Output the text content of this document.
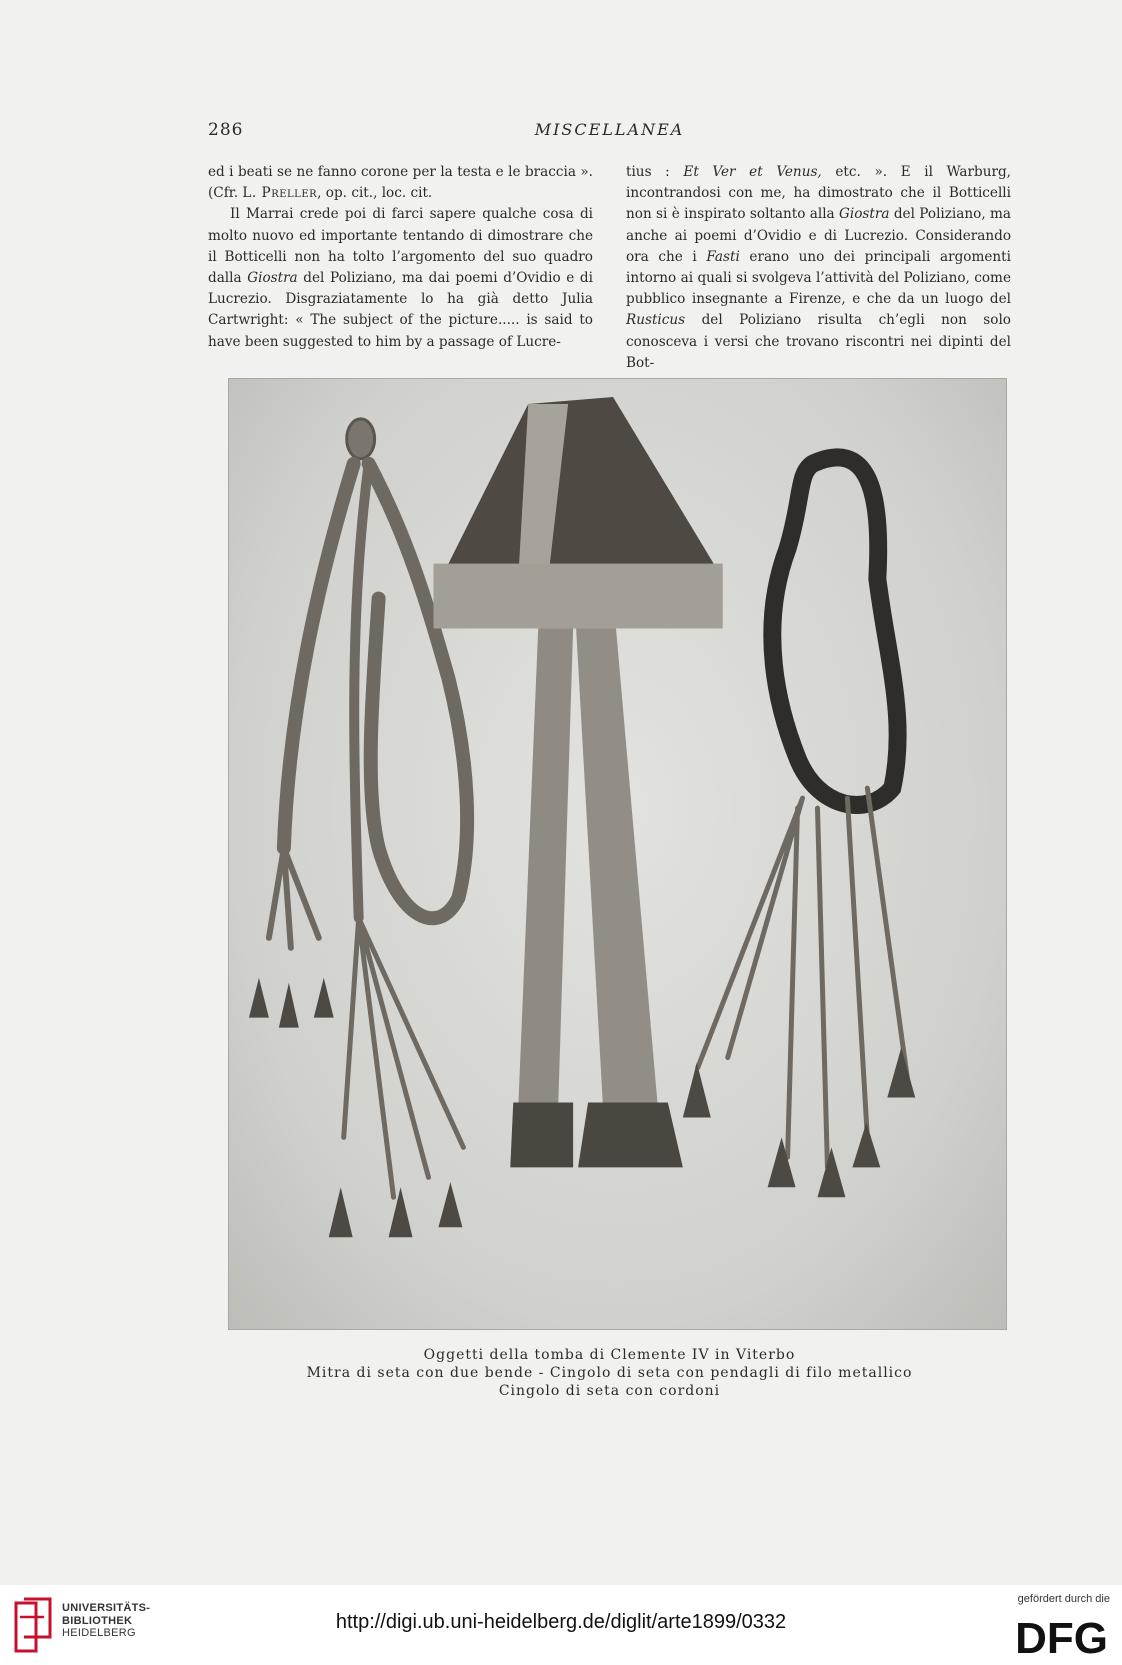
286	MISCELLANEA

ed i beati se ne fanno corone per la testa e le braccia ». (Cfr. L. Preller, op. cit., loc. cit.

Il Marrai crede poi di farci sapere qualche cosa di molto nuovo ed importante tentando di dimostrare che il Botticelli non ha tolto l’argomento del suo quadro dalla Giostra del Poliziano, ma dai poemi d’Ovidio e di Lucrezio. Disgraziatamente lo ha già detto Julia Cartwright: « The subject of the picture..... is said to have been suggested to him by a passage of Lucre-

tius : Et Ver et Venus, etc. ». E il Warburg, incontrandosi con me, ha dimostrato che il Botticelli non si è inspirato soltanto alla Giostra del Poliziano, ma anche ai poemi d’Ovidio e di Lucrezio. Considerando ora che i Fasti erano uno dei principali argomenti intorno ai quali si svolgeva l’attività del Poliziano, come pubblico insegnante a Firenze, e che da un luogo del Rusticus del Poliziano risulta ch’egli non solo conosceva i versi che trovano riscontri nei dipinti del Bot-

Oggetti della tomba di Clemente IV in Viterbo
Mitra di seta con due bende - Cingolo di seta con pendagli di filo metallico
Cingolo di seta con cordoni
UNIVERSITÄTS-
BIBLIOTHEK
HEIDELBERG	http://digi.ub.uni-heidelberg.de/diglit/arte1899/0332
gefördert durch die
DFG
